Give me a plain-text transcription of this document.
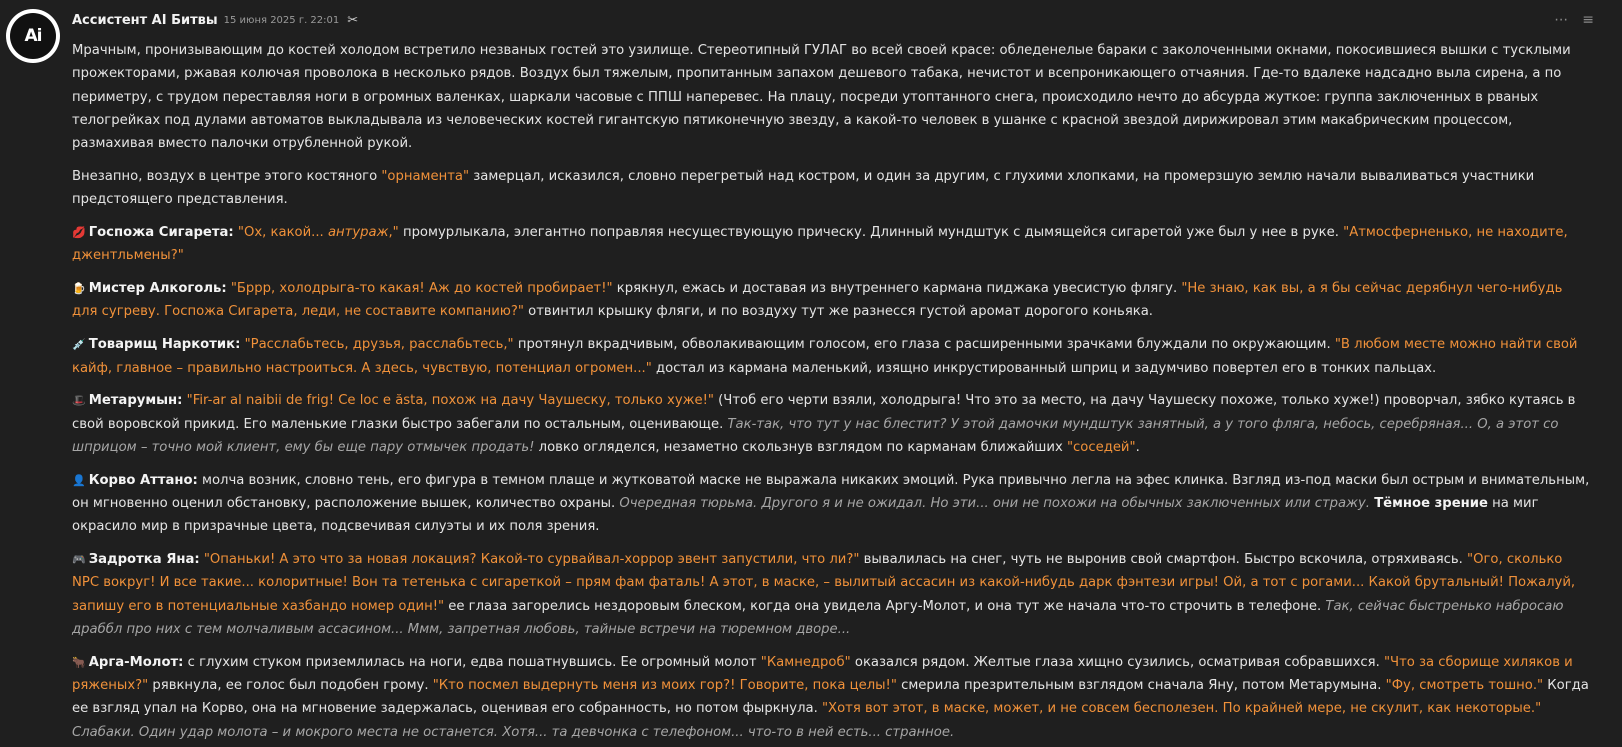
Ai
Ассистент AI Битвы 15 июня 2025 г. 22:01 ✂	⋯ ≡

Мрачным, пронизывающим до костей холодом встретило незваных гостей это узилище. Стереотипный ГУЛАГ во всей своей красе: обледенелые бараки с заколоченными окнами, покосившиеся вышки с тусклыми прожекторами, ржавая колючая проволока в несколько рядов. Воздух был тяжелым, пропитанным запахом дешевого табака, нечистот и всепроникающего отчаяния. Где-то вдалеке надсадно выла сирена, а по периметру, с трудом переставляя ноги в огромных валенках, шаркали часовые с ППШ наперевес. На плацу, посреди утоптанного снега, происходило нечто до абсурда жуткое: группа заключенных в рваных телогрейках под дулами автоматов выкладывала из человеческих костей гигантскую пятиконечную звезду, а какой-то человек в ушанке с красной звездой дирижировал этим макабрическим процессом, размахивая вместо палочки отрубленной рукой.

Внезапно, воздух в центре этого костяного "орнамента" замерцал, исказился, словно перегретый над костром, и один за другим, с глухими хлопками, на промерзшую землю начали вываливаться участники предстоящего представления.

💋 Госпожа Сигарета: "Ох, какой... антураж," промурлыкала, элегантно поправляя несуществующую прическу. Длинный мундштук с дымящейся сигаретой уже был у нее в руке. "Атмосферненько, не находите, джентльмены?"

🍺 Мистер Алкоголь: "Бррр, холодрыга-то какая! Аж до костей пробирает!" крякнул, ежась и доставая из внутреннего кармана пиджака увесистую флягу. "Не знаю, как вы, а я бы сейчас дерябнул чего-нибудь для сугреву. Госпожа Сигарета, леди, не составите компанию?" отвинтил крышку фляги, и по воздуху тут же разнесся густой аромат дорогого коньяка.

💉 Товарищ Наркотик: "Расслабьтесь, друзья, расслабьтесь," протянул вкрадчивым, обволакивающим голосом, его глаза с расширенными зрачками блуждали по окружающим. "В любом месте можно найти свой кайф, главное – правильно настроиться. А здесь, чувствую, потенциал огромен..." достал из кармана маленький, изящно инкрустированный шприц и задумчиво повертел его в тонких пальцах.

🎩 Метарумын: "Fir-ar al naibii de frig! Ce loc e ăsta, похож на дачу Чаушеску, только хуже!" (Чтоб его черти взяли, холодрыга! Что это за место, на дачу Чаушеску похоже, только хуже!) проворчал, зябко кутаясь в свой воровской прикид. Его маленькие глазки быстро забегали по остальным, оценивающе. Так-так, что тут у нас блестит? У этой дамочки мундштук занятный, а у того фляга, небось, серебряная... О, а этот со шприцом – точно мой клиент, ему бы еще пару отмычек продать! ловко огляделся, незаметно скользнув взглядом по карманам ближайших "соседей".

👤 Корво Аттано: молча возник, словно тень, его фигура в темном плаще и жутковатой маске не выражала никаких эмоций. Рука привычно легла на эфес клинка. Взгляд из-под маски был острым и внимательным, он мгновенно оценил обстановку, расположение вышек, количество охраны. Очередная тюрьма. Другого я и не ожидал. Но эти... они не похожи на обычных заключенных или стражу. Тёмное зрение на миг окрасило мир в призрачные цвета, подсвечивая силуэты и их поля зрения.

🎮 Задротка Яна: "Опаньки! А это что за новая локация? Какой-то сурвайвал-хоррор эвент запустили, что ли?" вывалилась на снег, чуть не выронив свой смартфон. Быстро вскочила, отряхиваясь. "Ого, сколько NPC вокруг! И все такие... колоритные! Вон та тетенька с сигареткой – прям фам фаталь! А этот, в маске, – вылитый ассасин из какой-нибудь дарк фэнтези игры! Ой, а тот с рогами... Какой брутальный! Пожалуй, запишу его в потенциальные хазбандо номер один!" ее глаза загорелись нездоровым блеском, когда она увидела Аргу-Молот, и она тут же начала что-то строчить в телефоне. Так, сейчас быстренько набросаю драббл про них с тем молчаливым ассасином... Ммм, запретная любовь, тайные встречи на тюремном дворе...

🐂 Арга-Молот: с глухим стуком приземлилась на ноги, едва пошатнувшись. Ее огромный молот "Камнедроб" оказался рядом. Желтые глаза хищно сузились, осматривая собравшихся. "Что за сборище хиляков и ряженых?" рявкнула, ее голос был подобен грому. "Кто посмел выдернуть меня из моих гор?! Говорите, пока целы!" смерила презрительным взглядом сначала Яну, потом Метарумына. "Фу, смотреть тошно." Когда ее взгляд упал на Корво, она на мгновение задержалась, оценивая его собранность, но потом фыркнула. "Хотя вот этот, в маске, может, и не совсем бесполезен. По крайней мере, не скулит, как некоторые." Слабаки. Один удар молота – и мокрого места не останется. Хотя... та девчонка с телефоном... что-то в ней есть... странное.
